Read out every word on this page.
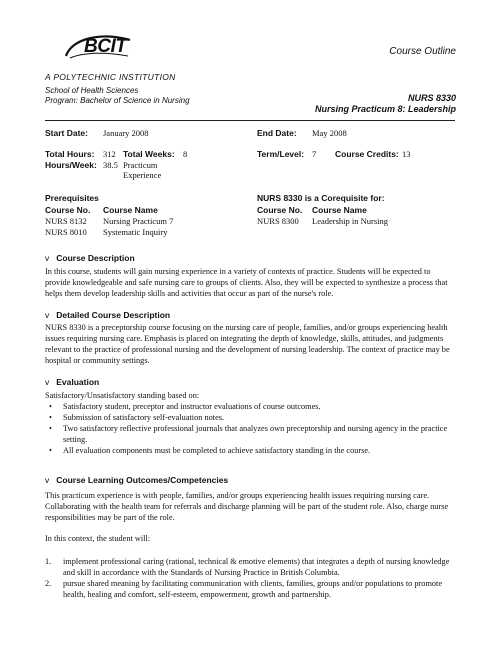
BCIT
A POLYTECHNIC INSTITUTION
Course Outline
School of Health Sciences
Program: Bachelor of Science in Nursing	NURS 8330
Nursing Practicum 8: Leadership
Start Date: January 2008	End Date: May 2008
Total Hours: 312 Total Weeks: 8	Term/Level: 7 Course Credits: 13
Hours/Week: 38.5 Practicum
Experience
Prerequisites
Course No. Course Name
NURS 8132 Nursing Practicum 7
NURS 8010 Systematic Inquiry
NURS 8330 is a Corequisite for:
Course No. Course Name
NURS 8300 Leadership in Nursing
v Course Description
In this course, students will gain nursing experience in a variety of contexts of practice. Students will be expected to provide knowledgeable and safe nursing care to groups of clients. Also, they will be expected to synthesize a process that helps them develop leadership skills and activities that occur as part of the nurse's role.
v Detailed Course Description
NURS 8330 is a preceptorship course focusing on the nursing care of people, families, and/or groups experiencing health issues requiring nursing care. Emphasis is placed on integrating the depth of knowledge, skills, attitudes, and judgments relevant to the practice of professional nursing and the development of nursing leadership. The context of practice may be hospital or community settings.
v Evaluation
Satisfactory/Unsatisfactory standing based on:
• Satisfactory student, preceptor and instructor evaluations of course outcomes.
• Submission of satisfactory self-evaluation notes.
• Two satisfactory reflective professional journals that analyzes own preceptorship and nursing agency in the practice setting.
• All evaluation components must be completed to achieve satisfactory standing in the course.
v Course Learning Outcomes/Competencies
This practicum experience is with people, families, and/or groups experiencing health issues requiring nursing care. Collaborating with the health team for referrals and discharge planning will be part of the student role. Also, charge nurse responsibilities may be part of the role.
In this context, the student will:
1. implement professional caring (rational, technical & emotive elements) that integrates a depth of nursing knowledge and skill in accordance with the Standards of Nursing Practice in British Columbia.
2. pursue shared meaning by facilitating communication with clients, families, groups and/or populations to promote health, healing and comfort, self-esteem, empowerment, growth and partnership.
